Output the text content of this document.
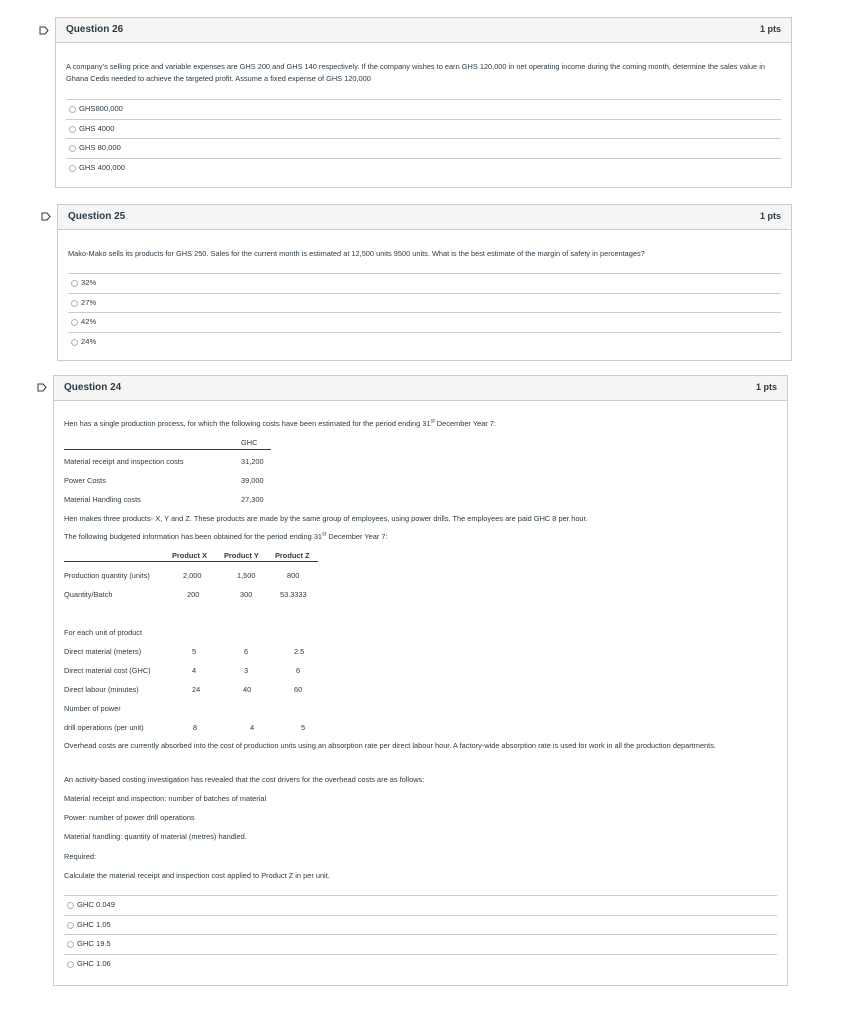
Question 26	1 pts
A company’s selling price and variable expenses are GHS 200 and GHS 140 respectively. If the company wishes to earn GHS 120,000 in net operating income during the coming month, determine the sales value in Ghana Cedis needed to achieve the targeted profit. Assume a fixed expense of GHS 120,000
GHS800,000
GHS 4000
GHS 80,000
GHS 400,000
Question 25	1 pts
Mako-Mako sells its products for GHS 250. Sales for the current month is estimated at 12,500 units 9500 units. What is the best estimate of the margin of safety in percentages?
32%
27%
42%
24%
Question 24	1 pts
Hen has a single production process, for which the following costs have been estimated for the period ending 31st December Year 7:
GHC
Material receipt and inspection costs	31,200
Power Costs	39,000
Material Handling costs	27,300
Hen makes three products- X, Y and Z. These products are made by the same group of employees, using power drills. The employees are paid GHC 8 per hour.
The following budgeted information has been obtained for the period ending 31st December Year 7:
Product X Product Y Product Z
Production quantity (units)	2,000	1,500	800
Quantity/Batch	200	300	53.3333
For each unit of product
Direct material (meters)	5	6	2.5
Direct material cost (GHC)	4	3	6
Direct labour (minutes)	24	40	60
Number of power
drill operations (per unit)	8	4	5
Overhead costs are currently absorbed into the cost of production units using an absorption rate per direct labour hour. A factory-wide absorption rate is used for work in all the production departments.
An activity-based costing investigation has revealed that the cost drivers for the overhead costs are as follows:
Material receipt and inspection: number of batches of material
Power: number of power drill operations
Material handling: quantity of material (metres) handled.
Required:
Calculate the material receipt and inspection cost applied to Product Z in per unit.
GHC 0.049
GHC 1.05
GHC 19.5
GHC 1.06
